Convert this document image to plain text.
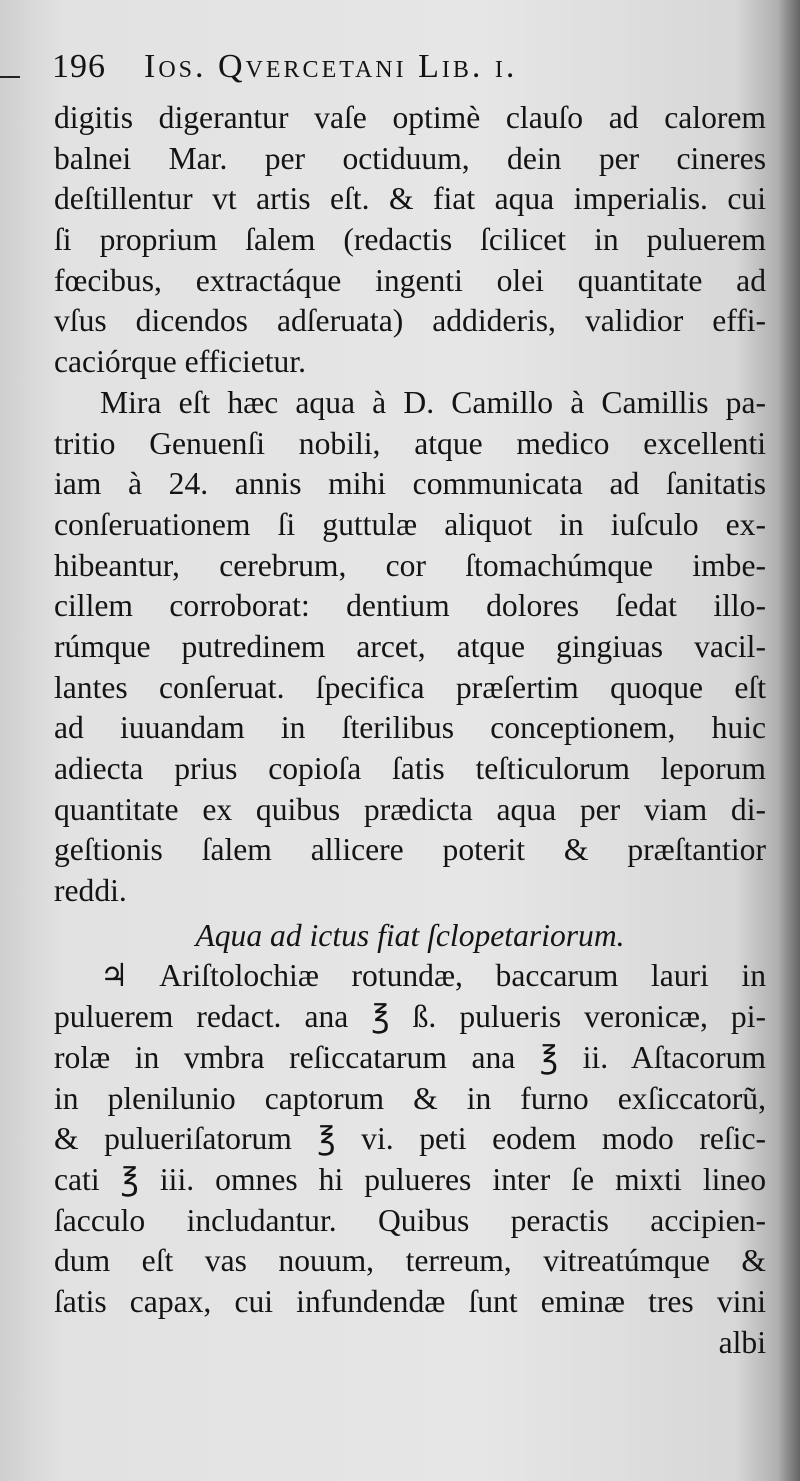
196 Ios. Qvercetani Lib. i.
digitis digerantur vaſe optimè clauſo ad calorem
balnei Mar. per octiduum, dein per cineres
deſtillentur vt artis eſt. & fiat aqua imperialis. cui
ſi proprium ſalem (redactis ſcilicet in puluerem
fœcibus, extractáque ingenti olei quantitate ad
vſus dicendos adſeruata) addideris, validior effi-
caciórque efficietur.
Mira eſt hæc aqua à D. Camillo à Camillis pa-
tritio Genuenſi nobili, atque medico excellenti
iam à 24. annis mihi communicata ad ſanitatis
conſeruationem ſi guttulæ aliquot in iuſculo ex-
hibeantur, cerebrum, cor ſtomachúmque imbe-
cillem corroborat: dentium dolores ſedat illo-
rúmque putredinem arcet, atque gingiuas vacil-
lantes conſeruat. ſpecifica præſertim quoque eſt
ad iuuandam in ſterilibus conceptionem, huic
adiecta prius copioſa ſatis teſticulorum leporum
quantitate ex quibus prædicta aqua per viam di-
geſtionis ſalem allicere poterit & præſtantior
reddi.
Aqua ad ictus fiat ſclopetariorum.
♃ Ariſtolochiæ rotundæ, baccarum lauri in
puluerem redact. ana ℥ ß. pulueris veronicæ, pi-
rolæ in vmbra reſiccatarum ana ℥ ii. Aſtacorum
in plenilunio captorum & in furno exſiccatorũ,
& pulueriſatorum ℥ vi. peti eodem modo reſic-
cati ℥ iii. omnes hi pulueres inter ſe mixti lineo
ſacculo includantur. Quibus peractis accipien-
dum eſt vas nouum, terreum, vitreatúmque &
ſatis capax, cui infundendæ ſunt eminæ tres vini
albi
